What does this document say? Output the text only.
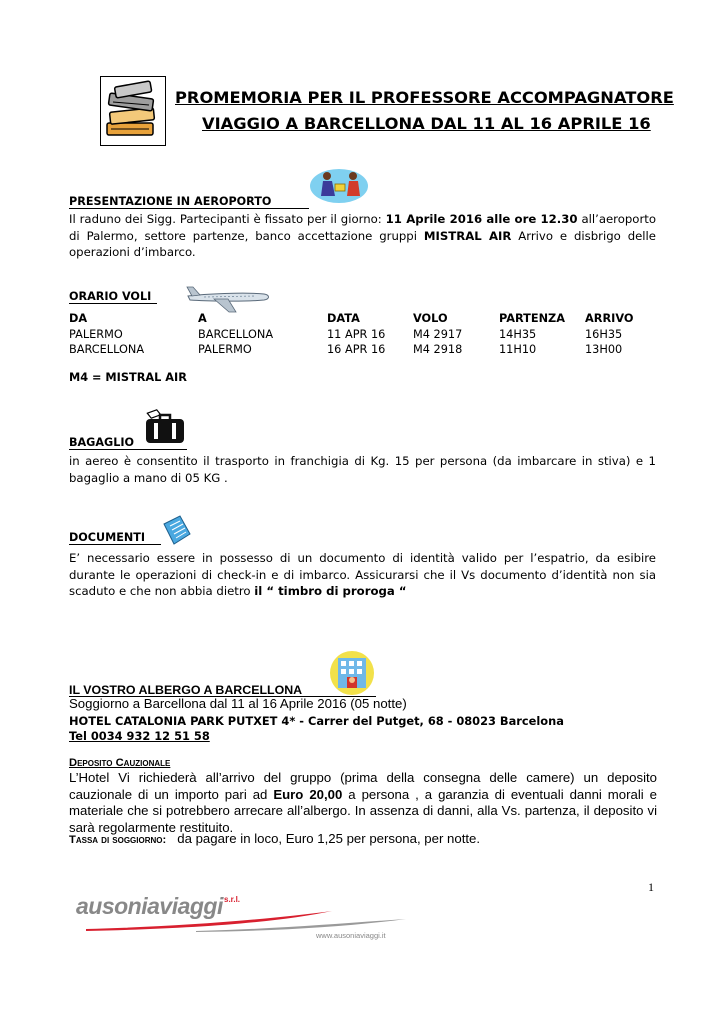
PROMEMORIA PER IL PROFESSORE ACCOMPAGNATORE
VIAGGIO A BARCELLONA DAL 11 AL 16 APRILE 16
PRESENTAZIONE IN AEROPORTO
Il raduno dei Sigg. Partecipanti è fissato per il giorno: 11 Aprile 2016 alle ore 12.30 all’aeroporto di Palermo, settore partenze, banco accettazione gruppi MISTRAL AIR Arrivo e disbrigo delle operazioni d’imbarco.
ORARIO VOLI
DA	A	DATA	VOLO	PARTENZA	ARRIVO
PALERMO	BARCELLONA	11 APR 16	M4 2917	14H35	16H35
BARCELLONA	PALERMO	16 APR 16	M4 2918	11H10	13H00
M4 = MISTRAL AIR
BAGAGLIO
in aereo è consentito il trasporto in franchigia di Kg. 15 per persona (da imbarcare in stiva) e 1 bagaglio a mano di 05 KG .
DOCUMENTI
E’ necessario essere in possesso di un documento di identità valido per l’espatrio, da esibire durante le operazioni di check-in e di imbarco. Assicurarsi che il Vs documento d’identità non sia scaduto e che non abbia dietro il “ timbro di proroga “
IL VOSTRO ALBERGO A BARCELLONA
Soggiorno a Barcellona dal 11 al 16 Aprile 2016 (05 notte)
HOTEL CATALONIA PARK PUTXET 4* - Carrer del Putget, 68 - 08023 Barcelona
Tel 0034 932 12 51 58
Deposito Cauzionale
L’Hotel Vi richiederà all’arrivo del gruppo (prima della consegna delle camere) un deposito cauzionale di un importo pari ad Euro 20,00 a persona , a garanzia di eventuali danni morali e materiale che si potrebbero arrecare all’albergo. In assenza di danni, alla Vs. partenza, il deposito vi sarà regolarmente restituito.
Tassa di soggiorno: da pagare in loco, Euro 1,25 per persona, per notte.
1
ausoniaviaggi s.r.l.
www.ausoniaviaggi.it
